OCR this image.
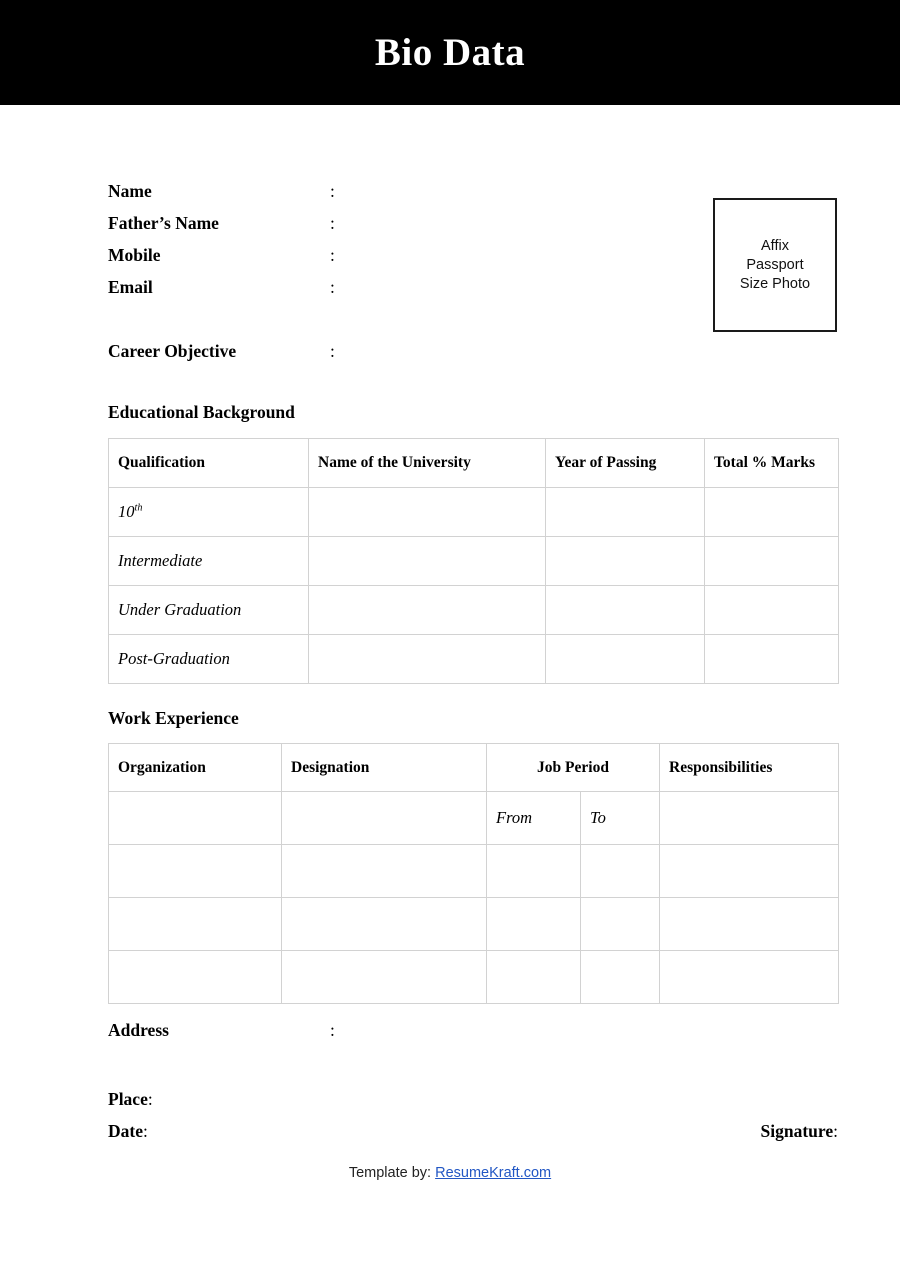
Bio Data
Name	:
Father’s Name	:
Mobile	:
Email	:
Career Objective	:
Affix
Passport
Size Photo
Educational Background
Qualification	Name of the University	Year of Passing	Total % Marks
10th			
Intermediate			
Under Graduation			
Post-Graduation			
Work Experience
Organization	Designation	Job Period		Responsibilities
		From	To	

Address	:
Place:
Date:	Signature:
Template by: ResumeKraft.com
